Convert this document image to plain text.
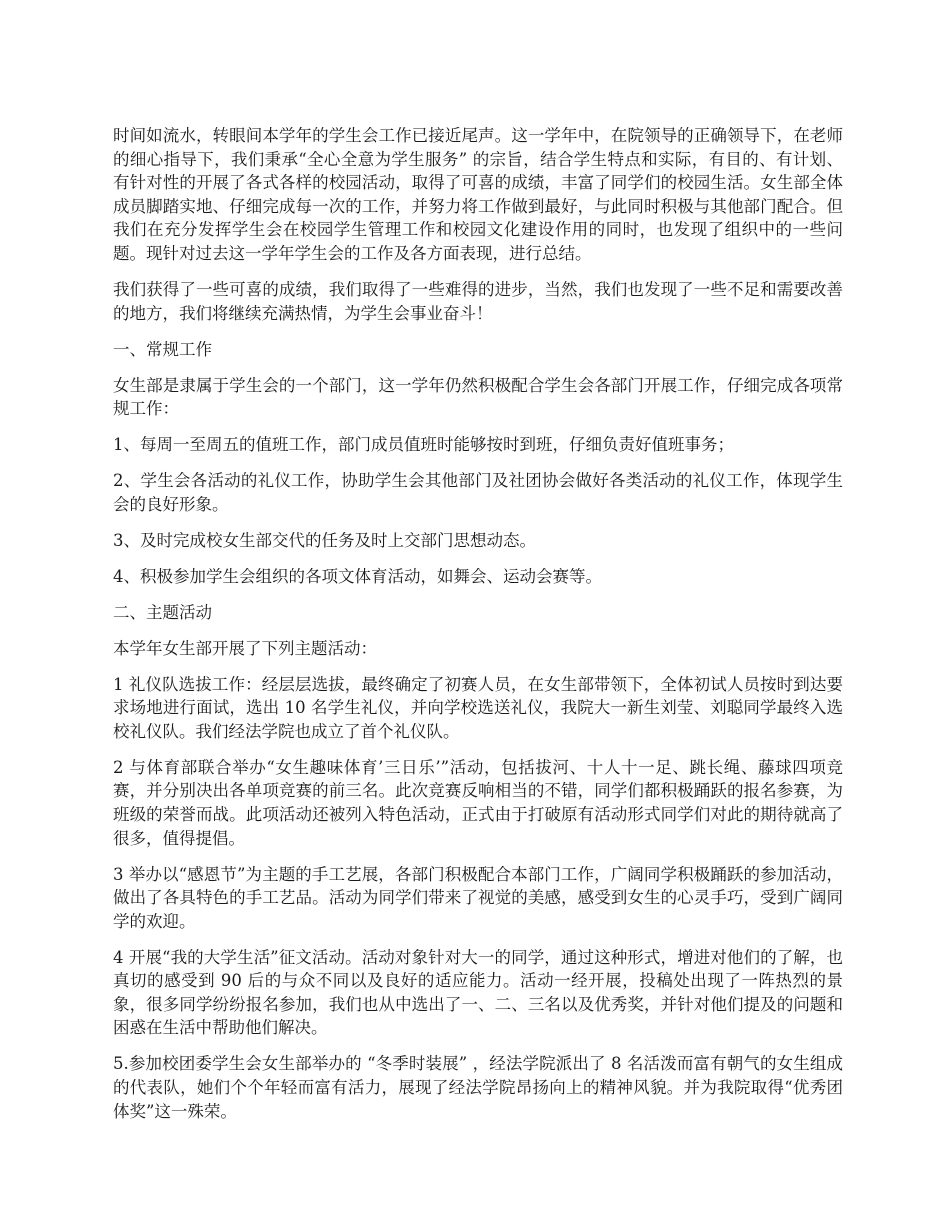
时间如流水，转眼间本学年的学生会工作已接近尾声。这一学年中，在院领导的正确领导下，在老师的细心指导下，我们秉承“全心全意为学生服务” 的宗旨，结合学生特点和实际，有目的、有计划、有针对性的开展了各式各样的校园活动，取得了可喜的成绩，丰富了同学们的校园生活。女生部全体成员脚踏实地、仔细完成每一次的工作，并努力将工作做到最好，与此同时积极与其他部门配合。但我们在充分发挥学生会在校园学生管理工作和校园文化建设作用的同时，也发现了组织中的一些问题。现针对过去这一学年学生会的工作及各方面表现，进行总结。

我们获得了一些可喜的成绩，我们取得了一些难得的进步，当然，我们也发现了一些不足和需要改善的地方，我们将继续充满热情，为学生会事业奋斗！

一、常规工作

女生部是隶属于学生会的一个部门，这一学年仍然积极配合学生会各部门开展工作，仔细完成各项常规工作：

1、每周一至周五的值班工作，部门成员值班时能够按时到班，仔细负责好值班事务；

2、学生会各活动的礼仪工作，协助学生会其他部门及社团协会做好各类活动的礼仪工作，体现学生会的良好形象。

3、及时完成校女生部交代的任务及时上交部门思想动态。

4、积极参加学生会组织的各项文体育活动，如舞会、运动会赛等。

二、主题活动

本学年女生部开展了下列主题活动：

1 礼仪队选拔工作：经层层选拔，最终确定了初赛人员，在女生部带领下，全体初试人员按时到达要求场地进行面试，选出 10 名学生礼仪，并向学校选送礼仪，我院大一新生刘莹、刘聪同学最终入选校礼仪队。我们经法学院也成立了首个礼仪队。

2 与体育部联合举办“女生趣味体育’三日乐’”活动，包括拔河、十人十一足、跳长绳、藤球四项竞赛，并分别决出各单项竞赛的前三名。此次竞赛反响相当的不错，同学们都积极踊跃的报名参赛，为班级的荣誉而战。此项活动还被列入特色活动，正式由于打破原有活动形式同学们对此的期待就高了很多，值得提倡。

3 举办以“感恩节”为主题的手工艺展，各部门积极配合本部门工作，广阔同学积极踊跃的参加活动，做出了各具特色的手工艺品。活动为同学们带来了视觉的美感，感受到女生的心灵手巧，受到广阔同学的欢迎。

4 开展“我的大学生活”征文活动。活动对象针对大一的同学，通过这种形式，增进对他们的了解，也真切的感受到 90 后的与众不同以及良好的适应能力。活动一经开展，投稿处出现了一阵热烈的景象，很多同学纷纷报名参加，我们也从中选出了一、二、三名以及优秀奖，并针对他们提及的问题和困惑在生活中帮助他们解决。

5.参加校团委学生会女生部举办的 “冬季时装展” ，经法学院派出了 8 名活泼而富有朝气的女生组成的代表队，她们个个年轻而富有活力，展现了经法学院昂扬向上的精神风貌。并为我院取得“优秀团体奖”这一殊荣。
